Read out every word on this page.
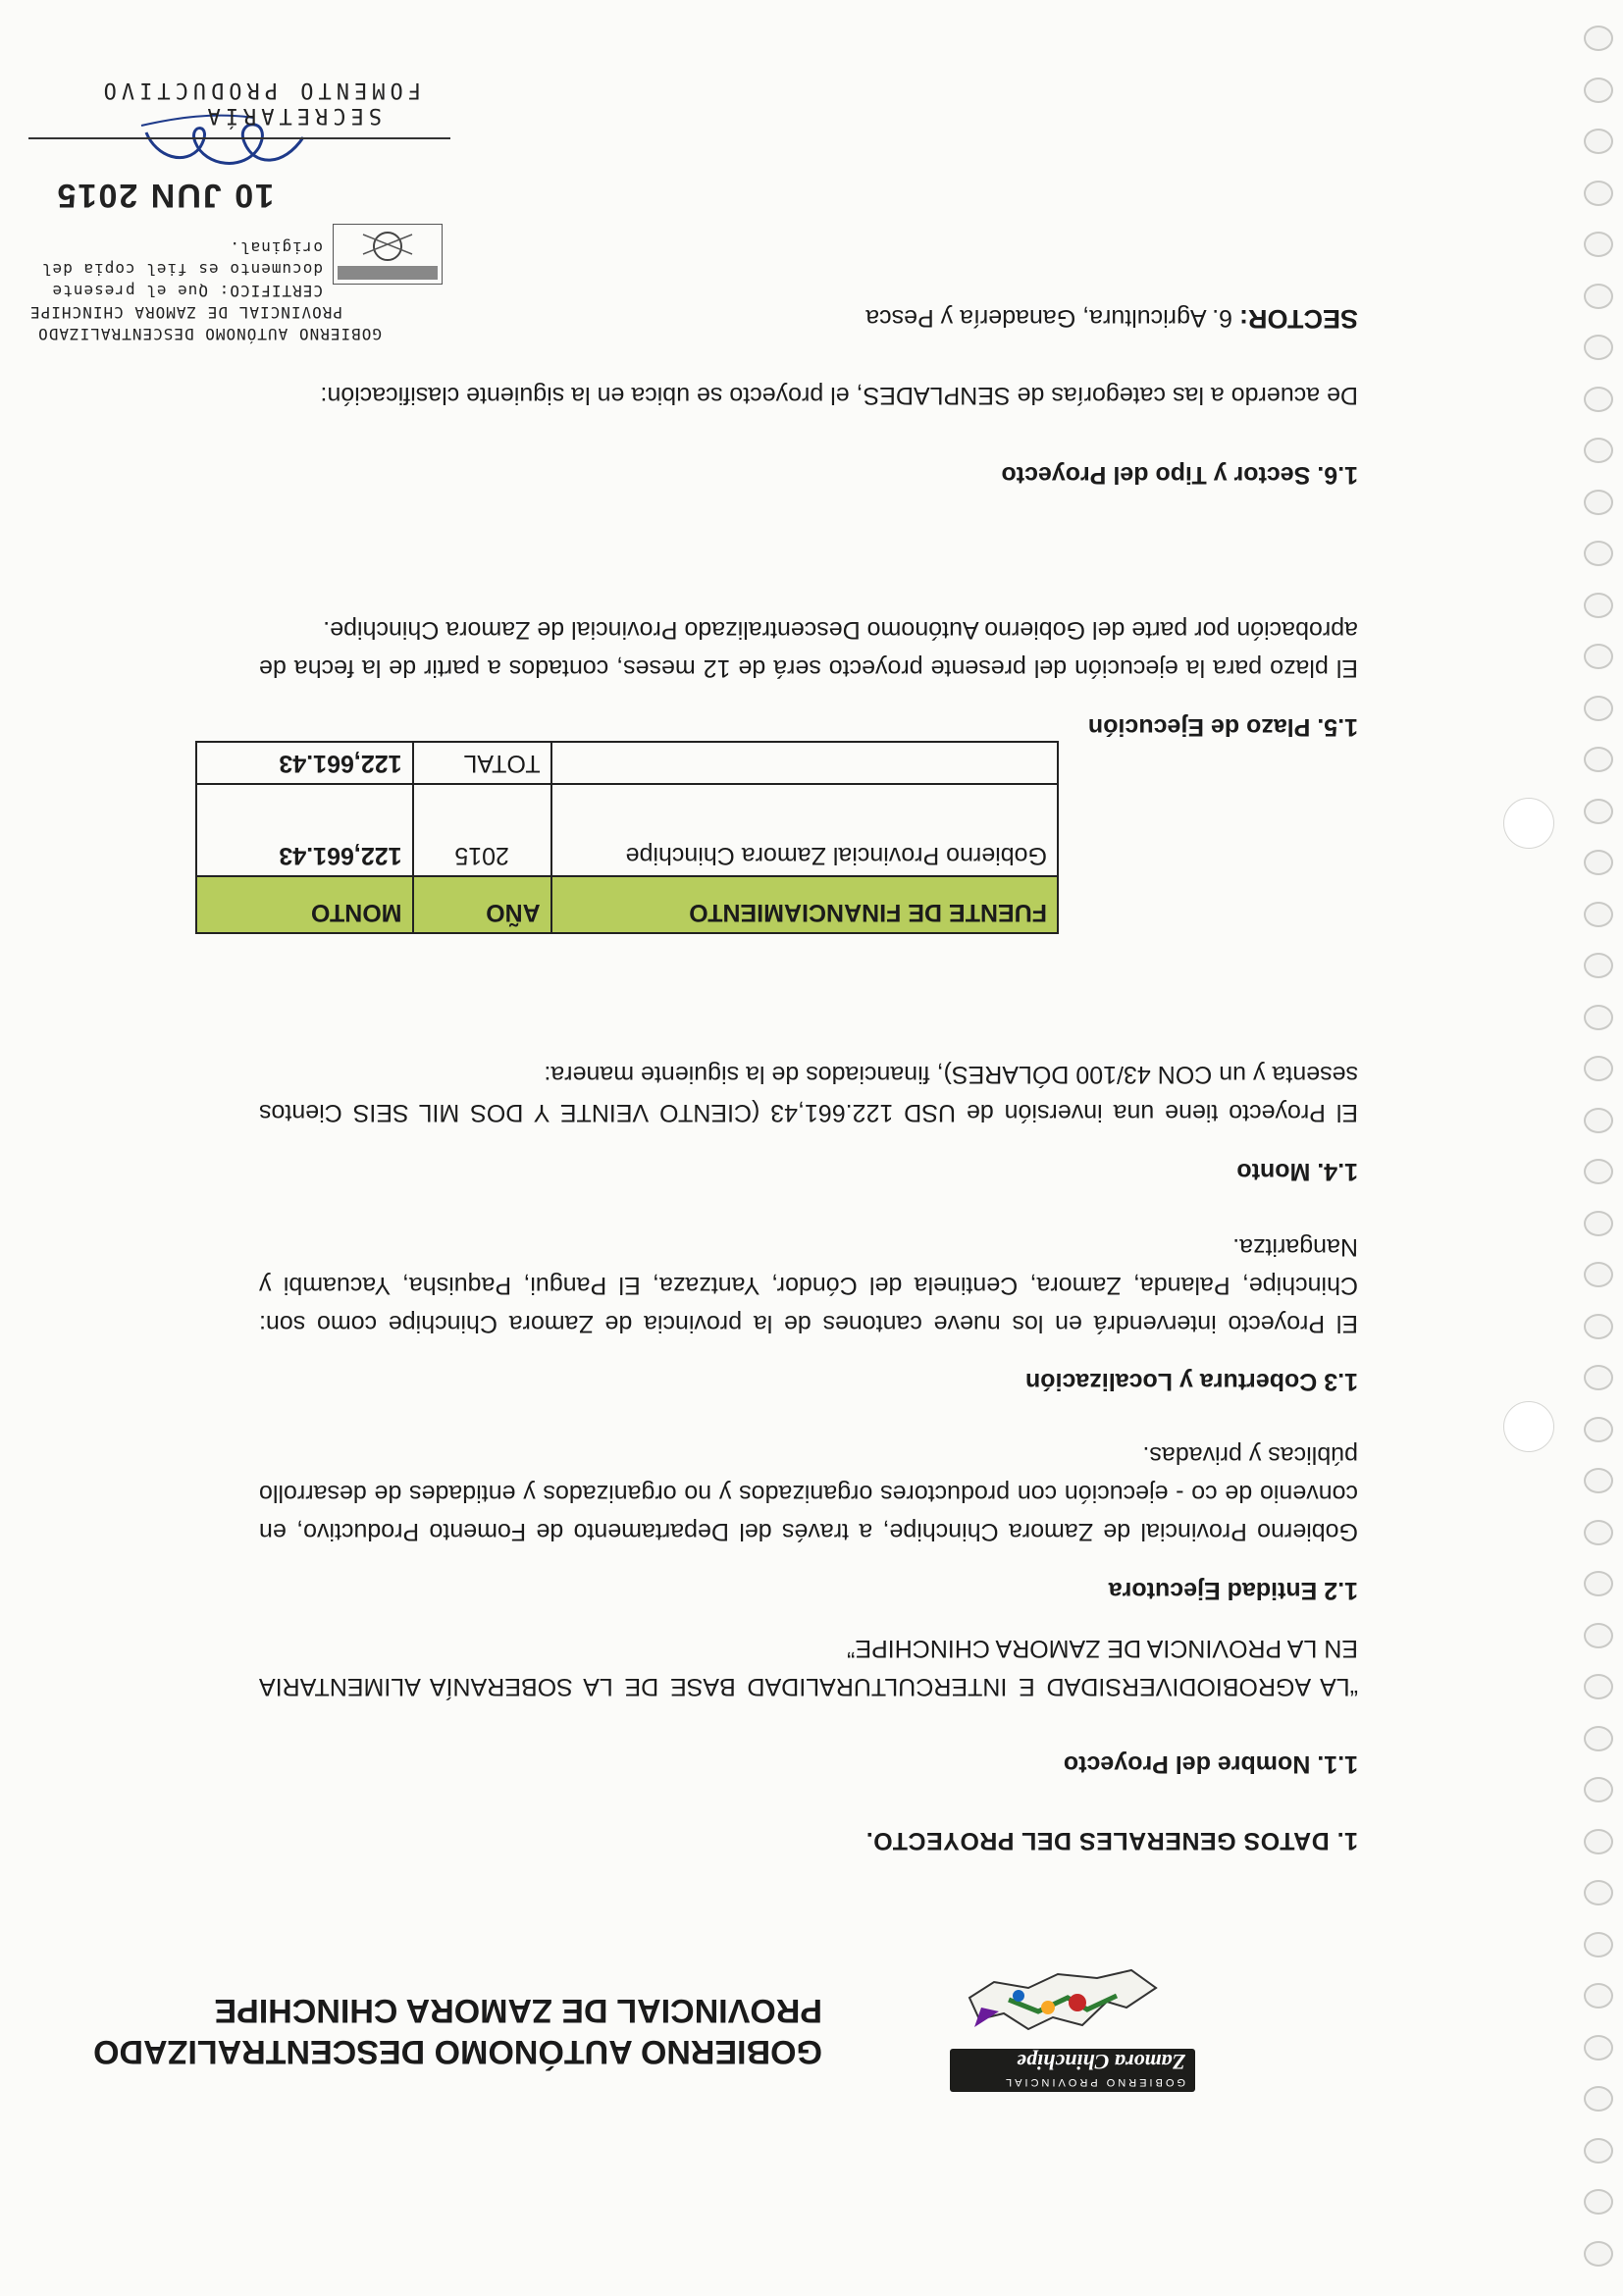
GOBIERNO PROVINCIAL
Zamora Chinchipe
GOBIERNO AUTÓNOMO DESCENTRALIZADO
PROVINCIAL DE ZAMORA CHINCHIPE
1. DATOS GENERALES DEL PROYECTO.
1.1. Nombre del Proyecto

“LA AGROBIODIVERSIDAD E INTERCULTURALIDAD BASE DE LA SOBERANÍA ALIMENTARIA EN LA PROVINCIA DE ZAMORA CHINCHIPE”

1.2 Entidad Ejecutora

Gobierno Provincial de Zamora Chinchipe, a través del Departamento de Fomento Productivo, en convenio de co - ejecución con productores organizados y no organizados y entidades de desarrollo públicas y privadas.

1.3 Cobertura y Localización

El Proyecto intervendrá en los nueve cantones de la provincia de Zamora Chinchipe como son: Chinchipe, Palanda, Zamora, Centinela del Cóndor, Yantzaza, El Pangui, Paquisha, Yacuambi y Nangaritza.

1.4. Monto

El Proyecto tiene una inversión de USD 122.661,43 (CIENTO VEINTE Y DOS MIL SEIS Cientos sesenta y un CON 43/100 DÓLARES), financiados de la siguiente manera:

1.5. Plazo de Ejecución

El plazo para la ejecución del presente proyecto será de 12 meses, contados a partir de la fecha de aprobación por parte del Gobierno Autónomo Descentralizado Provincial de Zamora Chinchipe.

1.6. Sector y Tipo del Proyecto

De acuerdo a las categorías de SENPLADES, el proyecto se ubica en la siguiente clasificación:

SECTOR: 6. Agricultura, Ganadería y Pesca
FUENTE DE FINANCIAMIENTO	AÑO	MONTO
Gobierno Provincial Zamora Chinchipe	2015	122,661.43
	TOTAL	122,661.43
GOBIERNO AUTÓNOMO DESCENTRALIZADO
PROVINCIAL DE ZAMORA CHINCHIPE
CERTIFICO: Que el presente
documento es fiel copia del
original.
10 JUN 2015
SECRETARÍA
FOMENTO PRODUCTIVO
